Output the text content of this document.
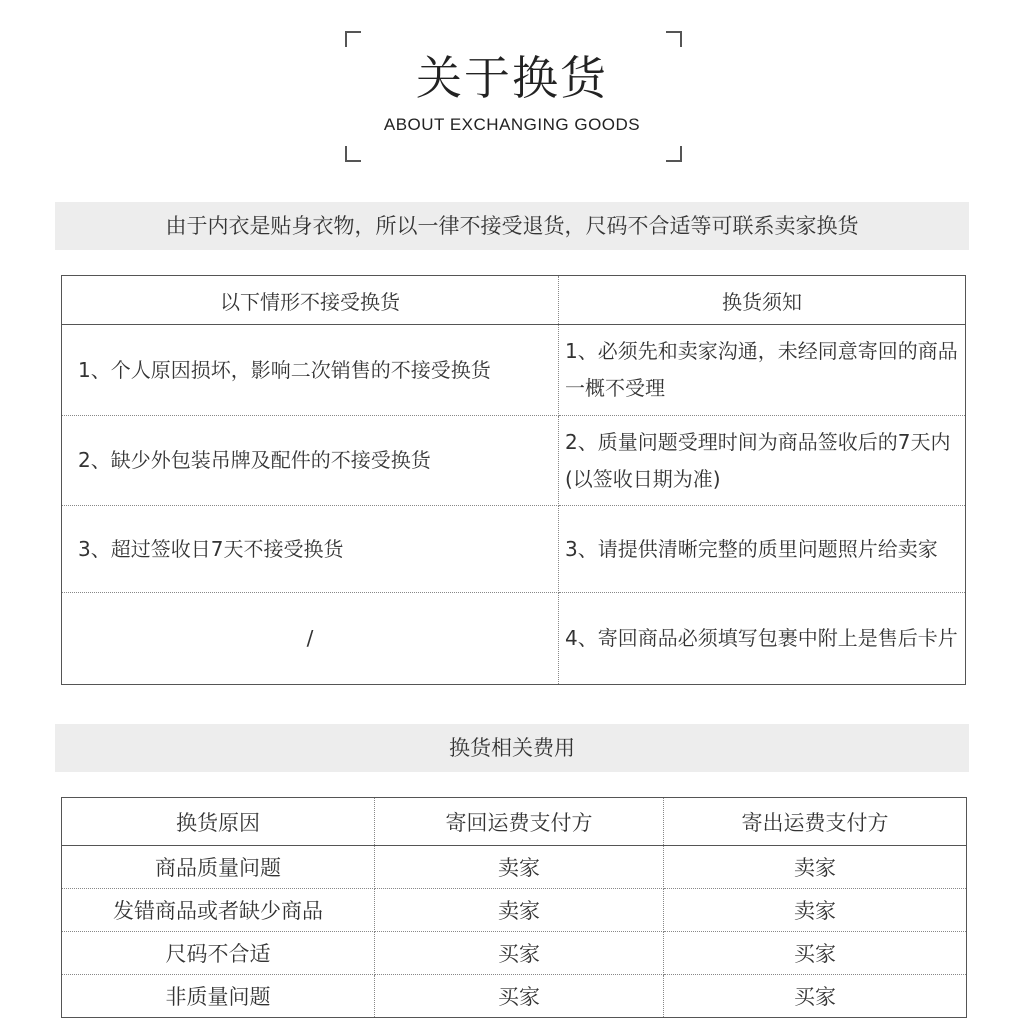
关于换货
ABOUT EXCHANGING GOODS
由于内衣是贴身衣物，所以一律不接受退货，尺码不合适等可联系卖家换货
以下情形不接受换货	换货须知
1、个人原因损坏，影响二次销售的不接受换货	1、必须先和卖家沟通，未经同意寄回的商品一概不受理
2、缺少外包装吊牌及配件的不接受换货	2、质量问题受理时间为商品签收后的7天内(以签收日期为准)
3、超过签收日7天不接受换货	3、请提供清晰完整的质里问题照片给卖家
/	4、寄回商品必须填写包裹中附上是售后卡片
换货相关费用
换货原因	寄回运费支付方	寄出运费支付方
商品质量问题	卖家	卖家
发错商品或者缺少商品	卖家	卖家
尺码不合适	买家	买家
非质量问题	买家	买家
